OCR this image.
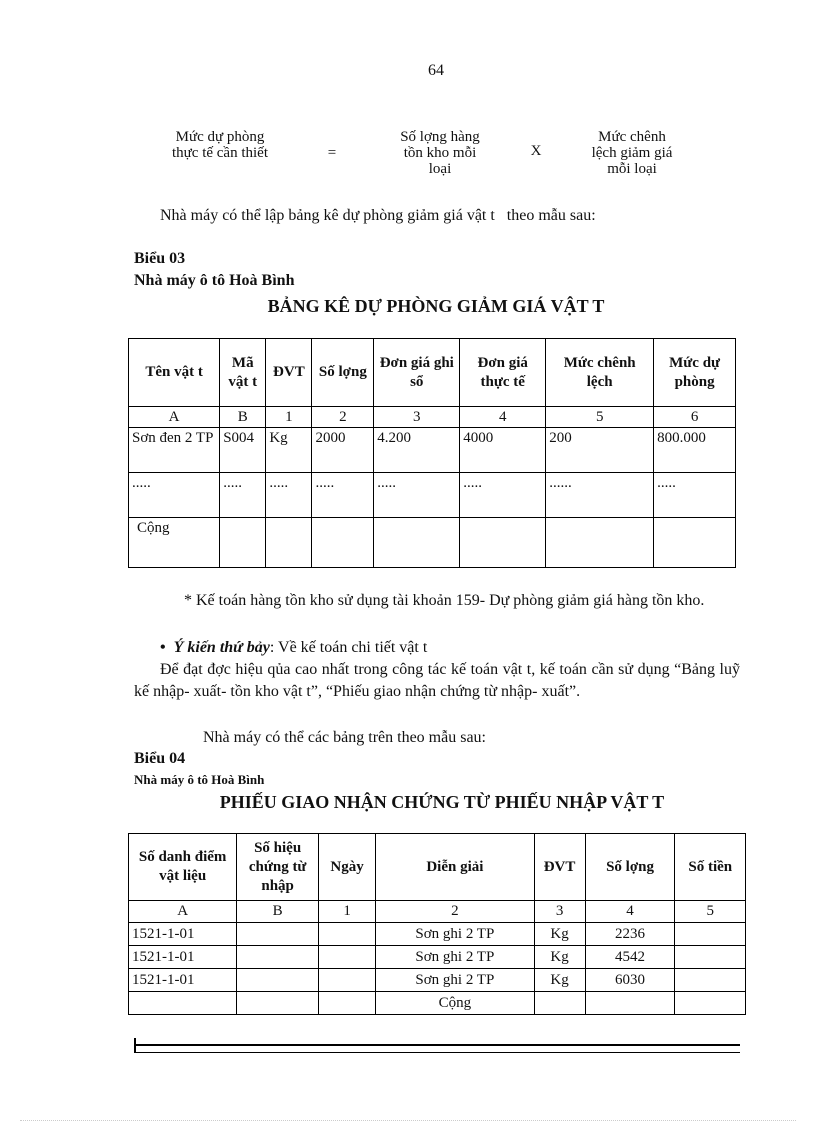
64
Mức dự phòng
thực tế cần thiết	=
Số lợng hàng
tồn kho mỗi
loại
X
Mức chênh
lệch giảm giá
mỗi loại
Nhà máy có thể lập bảng kê dự phòng giảm giá vật t   theo mẫu sau:
Biểu 03
Nhà máy ô tô Hoà Bình
BẢNG KÊ DỰ PHÒNG GIẢM GIÁ VẬT T
Tên vật t	Mã vật t	ĐVT	Số lợng	Đơn giá ghi sổ	Đơn giá thực tế	Mức chênh lệch	Mức dự phòng
A	B	1	2	3	4	5	6
Sơn đen 2 TP	S004	Kg	2000	4.200	4000	200	800.000
.....	.....	.....	.....	.....	.....	......	.....
Cộng							
* Kế toán hàng tồn kho sử dụng tài khoản 159- Dự phòng giảm giá hàng tồn kho.
• Ý kiến thứ bảy: Về kế toán chi tiết vật t
Để đạt đợc hiệu qủa cao nhất trong công tác kế toán vật t, kế toán cần sử dụng “Bảng luỹ kế nhập- xuất- tồn kho vật t”, “Phiếu giao nhận chứng từ nhập- xuất”.
Nhà máy có thể các bảng trên theo mẫu sau:
Biểu 04
Nhà máy ô tô Hoà Bình
PHIẾU GIAO NHẬN CHỨNG TỪ PHIẾU NHẬP VẬT T
Số danh điểm vật liệu	Số hiệu chứng từ nhập	Ngày	Diễn giải	ĐVT	Số lợng	Số tiền
A	B	1	2	3	4	5
1521-1-01			Sơn ghi 2 TP	Kg	2236	
1521-1-01			Sơn ghi 2 TP	Kg	4542	
1521-1-01			Sơn ghi 2 TP	Kg	6030	
			Cộng			
